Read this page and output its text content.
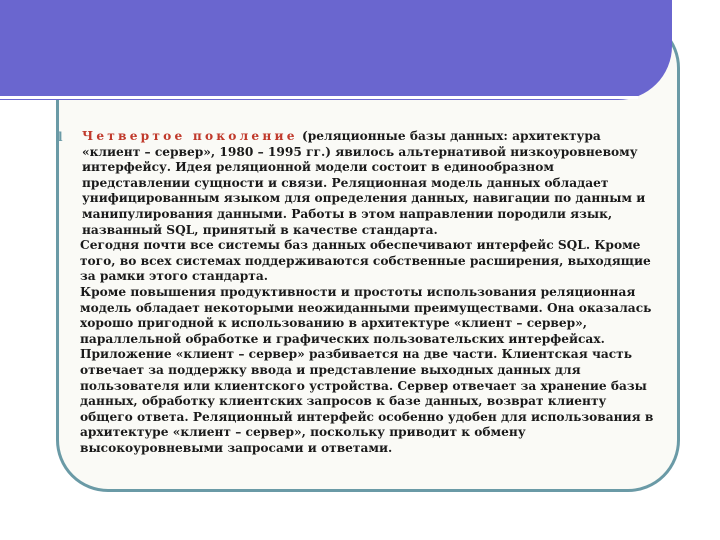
l	Четвертое поколение (реляционные базы данных: архитектура «клиент – сервер», 1980 – 1995 гг.) явилось альтернативой низкоуровневому интерфейсу. Идея реляционной модели состоит в единообразном представлении сущности и связи. Реляционная модель данных обладает унифицированным языком для определения данных, навигации по данным и манипулирования данными. Работы в этом направлении породили язык, названный SQL, принятый в качестве стандарта.

Сегодня почти все системы баз данных обеспечивают интерфейс SQL. Кроме того, во всех системах поддерживаются собственные расширения, выходящие за рамки этого стандарта.

Кроме повышения продуктивности и простоты использования реляционная модель обладает некоторыми неожиданными преимуществами. Она оказалась хорошо пригодной к использованию в архитектуре «клиент – сервер», параллельной обработке и графических пользовательских интерфейсах. Приложение «клиент – сервер» разбивается на две части. Клиентская часть отвечает за поддержку ввода и представление выходных данных для пользователя или клиентского устройства. Сервер отвечает за хранение базы данных, обработку клиентских запросов к базе данных, возврат клиенту общего ответа. Реляционный интерфейс особенно удобен для использования в архитектуре «клиент – сервер», поскольку приводит к обмену высокоуровневыми запросами и ответами.
